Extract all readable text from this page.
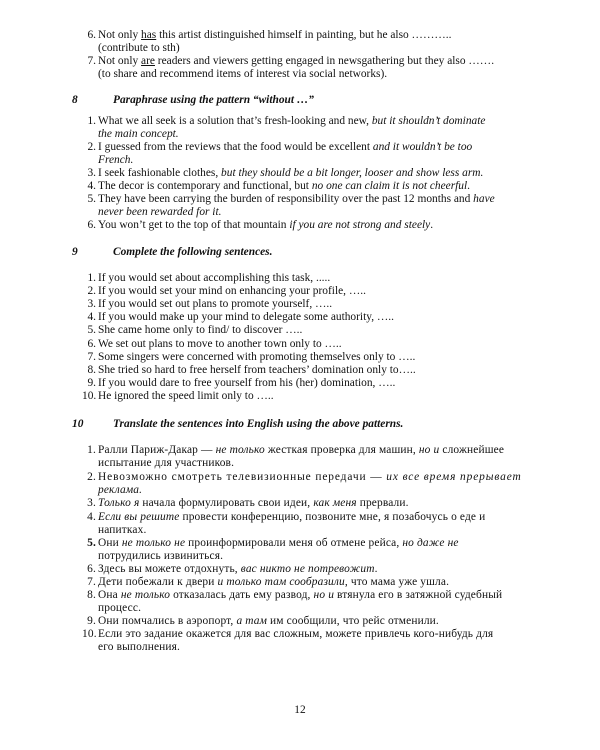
6. Not only has this artist distinguished himself in painting, but he also ………..
(contribute to sth)
7. Not only are readers and viewers getting engaged in newsgathering but they also …….
(to share and recommend items of interest via social networks).
8	Paraphrase using the pattern “without …”
1. What we all seek is a solution that’s fresh-looking and new, but it shouldn’t dominate
the main concept.
2. I guessed from the reviews that the food would be excellent and it wouldn’t be too
French.
3. I seek fashionable clothes, but they should be a bit longer, looser and show less arm.
4. The decor is contemporary and functional, but no one can claim it is not cheerful.
5. They have been carrying the burden of responsibility over the past 12 months and have
never been rewarded for it.
6. You won’t get to the top of that mountain if you are not strong and steely.
9	Complete the following sentences.
1. If you would set about accomplishing this task, .....
2. If you would set your mind on enhancing your profile, …..
3. If you would set out plans to promote yourself, …..
4. If you would make up your mind to delegate some authority, …..
5. She came home only to find/ to discover …..
6. We set out plans to move to another town only to …..
7. Some singers were concerned with promoting themselves only to …..
8. She tried so hard to free herself from teachers’ domination only to…..
9. If you would dare to free yourself from his (her) domination, …..
10. He ignored the speed limit only to …..
10	Translate the sentences into English using the above patterns.
1. Ралли Париж-Дакар — не только жесткая проверка для машин, но и сложнейшее
испытание для участников.
2. Невозможно смотреть телевизионные передачи — их все время прерывает
реклама.
3. Только я начала формулировать свои идеи, как меня прервали.
4. Если вы решите провести конференцию, позвоните мне, я позабочусь о еде и
напитках.
5. Они не только не проинформировали меня об отмене рейса, но даже не
потрудились извиниться.
6. Здесь вы можете отдохнуть, вас никто не потревожит.
7. Дети побежали к двери и только там сообразили, что мама уже ушла.
8. Она не только отказалась дать ему развод, но и втянула его в затяжной судебный
процесс.
9. Они помчались в аэропорт, а там им сообщили, что рейс отменили.
10. Если это задание окажется для вас сложным, можете привлечь кого-нибудь для
его выполнения.
12
